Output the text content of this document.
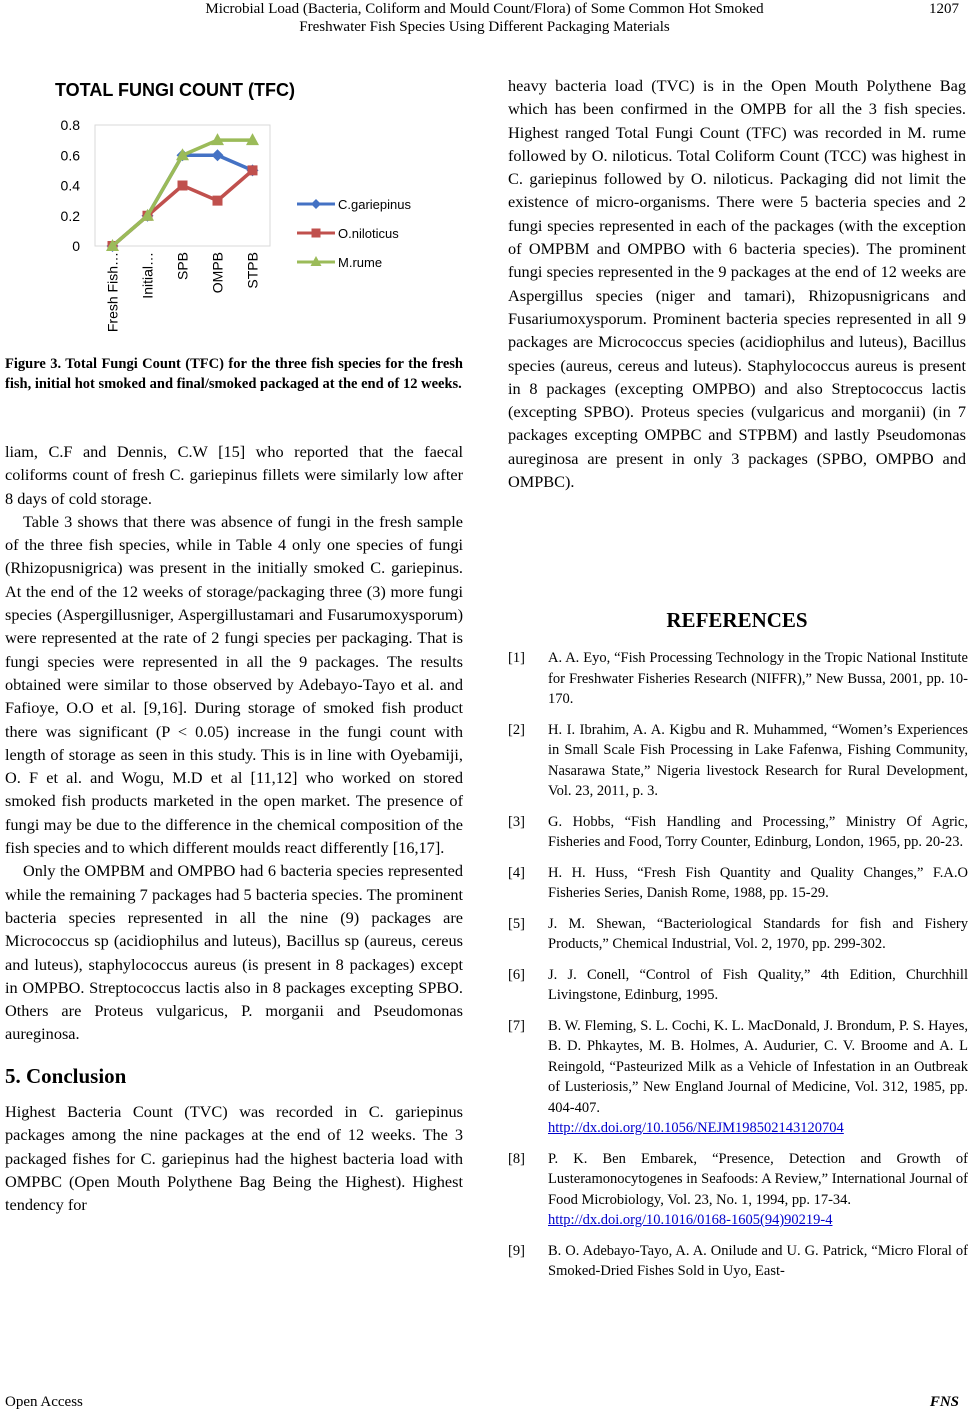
Microbial Load (Bacteria, Coliform and Mould Count/Flora) of Some Common Hot Smoked
Freshwater Fish Species Using Different Packaging Materials
1207
TOTAL FUNGI COUNT (TFC)
0
0.2
0.4
0.6
0.8
Fresh Fish… Initial… SPB OMPB STPB
C.gariepinus
O.niloticus
M.rume
Figure 3. Total Fungi Count (TFC) for the three fish species for the fresh fish, initial hot smoked and final/smoked packaged at the end of 12 weeks.

liam, C.F and Dennis, C.W [15] who reported that the faecal coliforms count of fresh C. gariepinus fillets were similarly low after 8 days of cold storage.

Table 3 shows that there was absence of fungi in the fresh sample of the three fish species, while in Table 4 only one species of fungi (Rhizopusnigrica) was present in the initially smoked C. gariepinus. At the end of the 12 weeks of storage/packaging three (3) more fungi species (Aspergillusniger, Aspergillustamari and Fusarumoxysporum) were represented at the rate of 2 fungi species per packaging. That is fungi species were represented in all the 9 packages. The results obtained were similar to those observed by Adebayo-Tayo et al. and Fafioye, O.O et al. [9,16]. During storage of smoked fish product there was significant (P < 0.05) increase in the fungi count with length of storage as seen in this study. This is in line with Oyebamiji, O. F et al. and Wogu, M.D et al [11,12] who worked on stored smoked fish products marketed in the open market. The presence of fungi may be due to the difference in the chemical composition of the fish species and to which different moulds react differently [16,17].

Only the OMPBM and OMPBO had 6 bacteria species represented while the remaining 7 packages had 5 bacteria species. The prominent bacteria species represented in all the nine (9) packages are Micrococcus sp (acidiophilus and luteus), Bacillus sp (aureus, cereus and luteus), staphylococcus aureus (is present in 8 packages) except in OMPBO. Streptococcus lactis also in 8 packages excepting SPBO. Others are Proteus vulgaricus, P. morganii and Pseudomonas aureginosa.

5. Conclusion

Highest Bacteria Count (TVC) was recorded in C. gariepinus packages among the nine packages at the end of 12 weeks. The 3 packaged fishes for C. gariepinus had the highest bacteria load with OMPBC (Open Mouth Polythene Bag Being the Highest). Highest tendency for

heavy bacteria load (TVC) is in the Open Mouth Polythene Bag which has been confirmed in the OMPB for all the 3 fish species. Highest ranged Total Fungi Count (TFC) was recorded in M. rume followed by O. niloticus. Total Coliform Count (TCC) was highest in C. gariepinus followed by O. niloticus. Packaging did not limit the existence of micro-organisms. There were 5 bacteria species and 2 fungi species represented in each of the packages (with the exception of OMPBM and OMPBO with 6 bacteria species). The prominent fungi species represented in the 9 packages at the end of 12 weeks are Aspergillus species (niger and tamari), Rhizopusnigricans and Fusariumoxysporum. Prominent bacteria species represented in all 9 packages are Micrococcus species (acidiophilus and luteus), Bacillus species (aureus, cereus and luteus). Staphylococcus aureus is present in 8 packages (excepting OMPBO) and also Streptococcus lactis (excepting SPBO). Proteus species (vulgaricus and morganii) (in 7 packages excepting OMPBC and STPBM) and lastly Pseudomonas aureginosa are present in only 3 packages (SPBO, OMPBO and OMPBC).

REFERENCES
[1] A. A. Eyo, “Fish Processing Technology in the Tropic National Institute for Freshwater Fisheries Research (NIFFR),” New Bussa, 2001, pp. 10-170.
[2] H. I. Ibrahim, A. A. Kigbu and R. Muhammed, “Women’s Experiences in Small Scale Fish Processing in Lake Fafenwa, Fishing Community, Nasarawa State,” Nigeria livestock Research for Rural Development, Vol. 23, 2011, p. 3.
[3] G. Hobbs, “Fish Handling and Processing,” Ministry Of Agric, Fisheries and Food, Torry Counter, Edinburg, London, 1965, pp. 20-23.
[4] H. H. Huss, “Fresh Fish Quantity and Quality Changes,” F.A.O Fisheries Series, Danish Rome, 1988, pp. 15-29.
[5] J. M. Shewan, “Bacteriological Standards for fish and Fishery Products,” Chemical Industrial, Vol. 2, 1970, pp. 299-302.
[6] J. J. Conell, “Control of Fish Quality,” 4th Edition, Churchhill Livingstone, Edinburg, 1995.
[7] B. W. Fleming, S. L. Cochi, K. L. MacDonald, J. Brondum, P. S. Hayes, B. D. Phkaytes, M. B. Holmes, A. Audurier, C. V. Broome and A. L Reingold, “Pasteurized Milk as a Vehicle of Infestation in an Outbreak of Lusteriosis,” New England Journal of Medicine, Vol. 312, 1985, pp. 404-407.
http://dx.doi.org/10.1056/NEJM198502143120704
[8] P. K. Ben Embarek, “Presence, Detection and Growth of Lusteramonocytogenes in Seafoods: A Review,” International Journal of Food Microbiology, Vol. 23, No. 1, 1994, pp. 17-34.
http://dx.doi.org/10.1016/0168-1605(94)90219-4
[9] B. O. Adebayo-Tayo, A. A. Onilude and U. G. Patrick, “Micro Floral of Smoked-Dried Fishes Sold in Uyo, East-
Open Access	FNS
